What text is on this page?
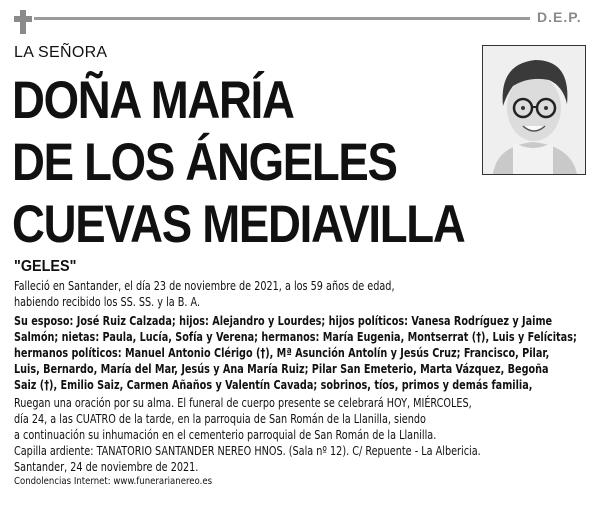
D.E.P.
LA SEÑORA
DOÑA MARÍA
DE LOS ÁNGELES
CUEVAS MEDIAVILLA
"GELES"
Falleció en Santander, el día 23 de noviembre de 2021, a los 59 años de edad,
habiendo recibido los SS. SS. y la B. A.
Su esposo: José Ruiz Calzada; hijos: Alejandro y Lourdes; hijos políticos: Vanesa Rodríguez y Jaime
Salmón; nietas: Paula, Lucía, Sofía y Verena; hermanos: María Eugenia, Montserrat (†), Luis y Felícitas;
hermanos políticos: Manuel Antonio Clérigo (†), Mª Asunción Antolín y Jesús Cruz; Francisco, Pilar,
Luis, Bernardo, María del Mar, Jesús y Ana María Ruiz; Pilar San Emeterio, Marta Vázquez, Begoña
Saiz (†), Emilio Saiz, Carmen Añaños y Valentín Cavada; sobrinos, tíos, primos y demás familia,
Ruegan una oración por su alma. El funeral de cuerpo presente se celebrará HOY, MIÉRCOLES,
día 24, a las CUATRO de la tarde, en la parroquia de San Román de la Llanilla, siendo
a continuación su inhumación en el cementerio parroquial de San Román de la Llanilla.
Capilla ardiente: TANATORIO SANTANDER NEREO HNOS. (Sala nº 12). C/ Repuente - La Albericia.
Santander, 24 de noviembre de 2021.
Condolencias Internet: www.funerarianereo.es
